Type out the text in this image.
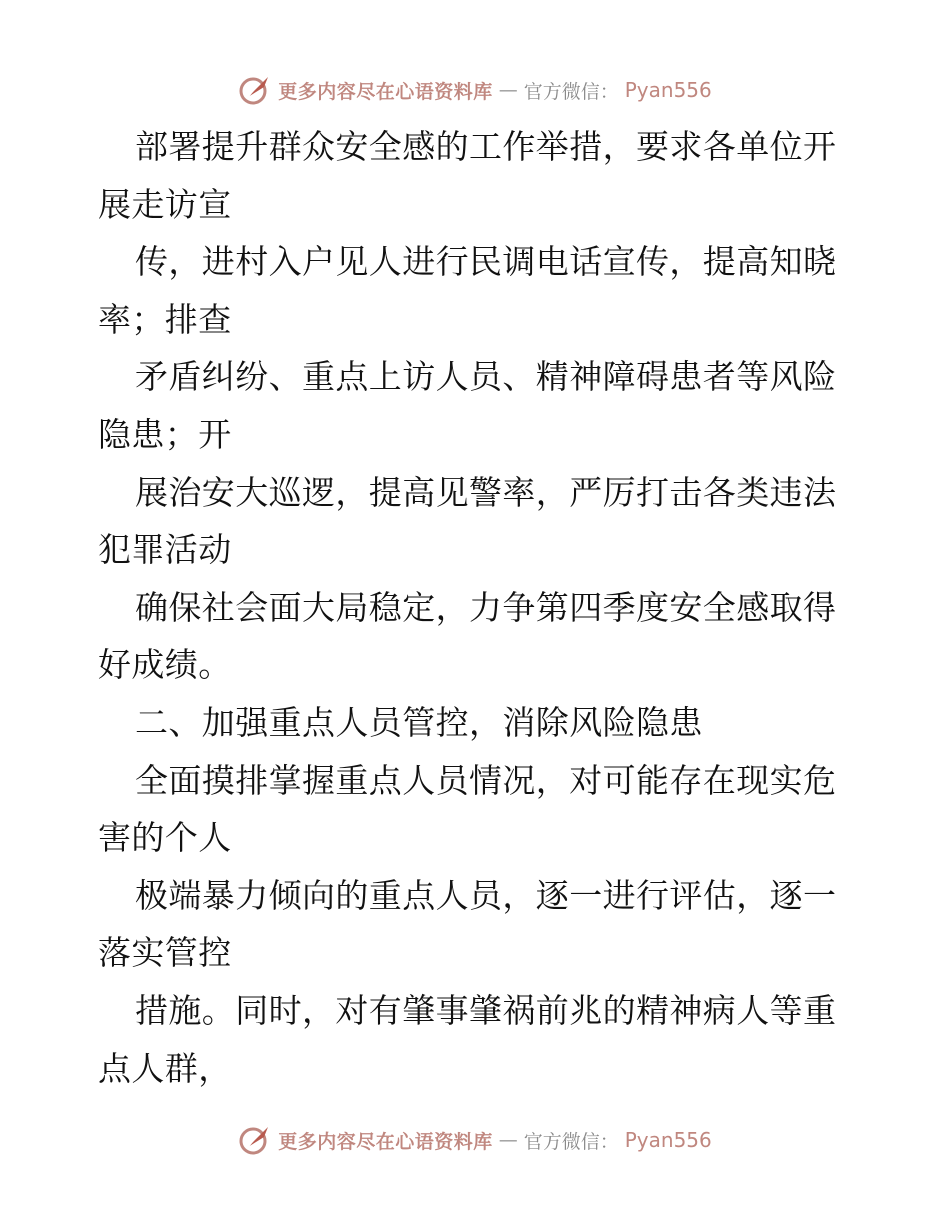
更多内容尽在心语资料库 — 官方微信： Pyan556
部署提升群众安全感的工作举措，要求各单位开
展走访宣
传，进村入户见人进行民调电话宣传，提高知晓
率；排查
矛盾纠纷、重点上访人员、精神障碍患者等风险
隐患；开
展治安大巡逻，提高见警率，严厉打击各类违法
犯罪活动
确保社会面大局稳定，力争第四季度安全感取得
好成绩。
二、加强重点人员管控，消除风险隐患
全面摸排掌握重点人员情况，对可能存在现实危
害的个人
极端暴力倾向的重点人员，逐一进行评估，逐一
落实管控
措施。同时，对有肇事肇祸前兆的精神病人等重
点人群，
更多内容尽在心语资料库 — 官方微信： Pyan556
